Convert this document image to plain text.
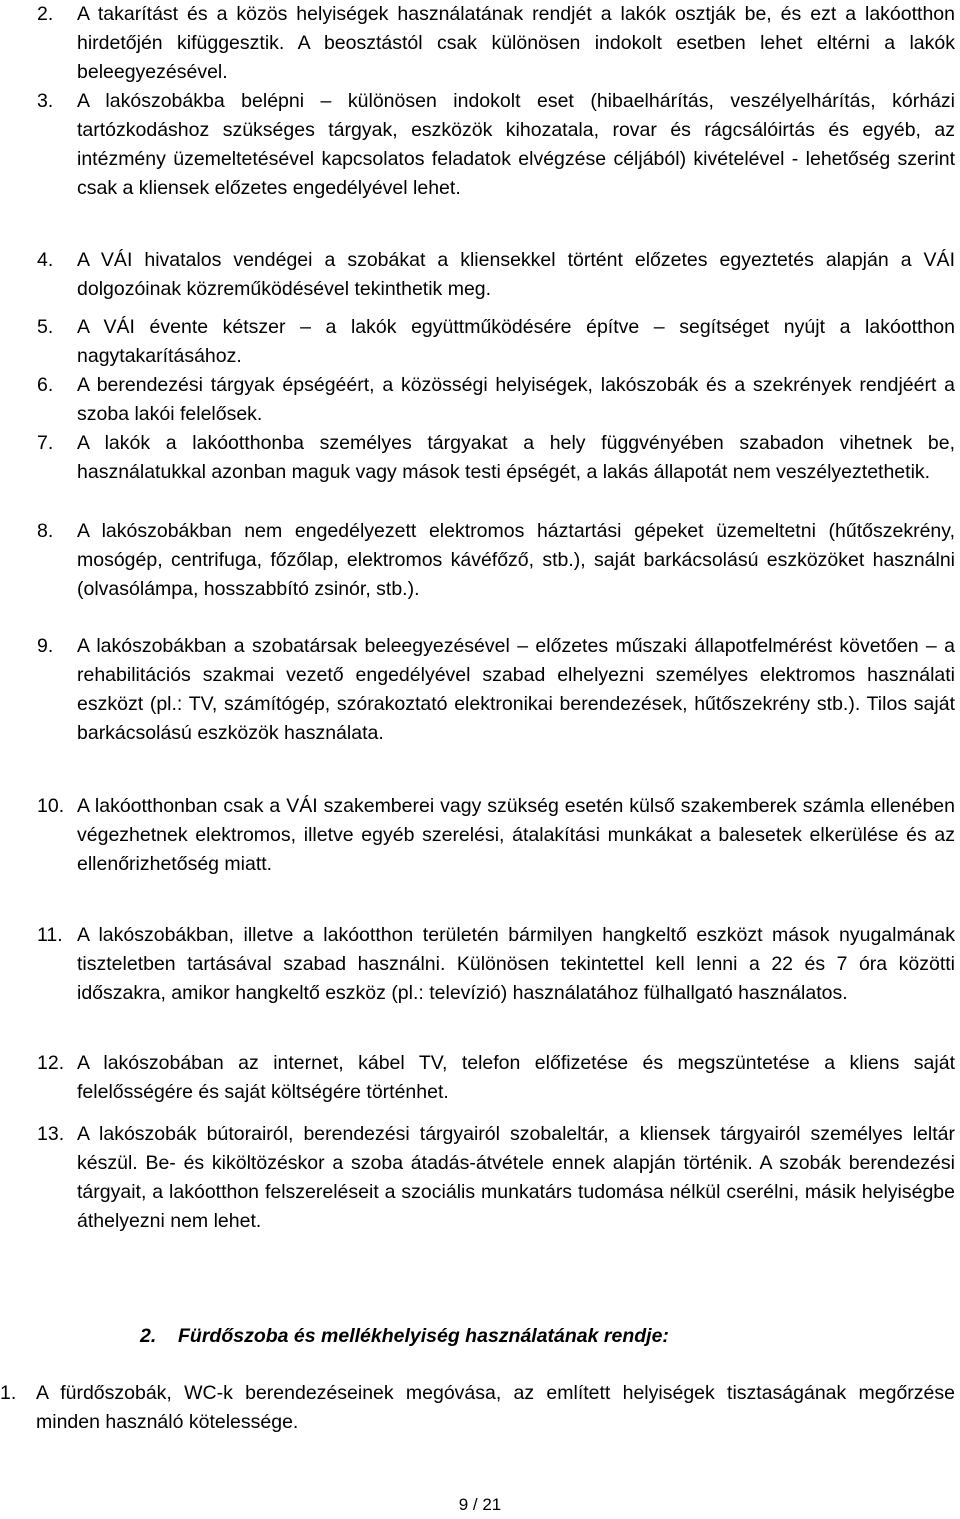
2.	A takarítást és a közös helyiségek használatának rendjét a lakók osztják be, és ezt a lakóotthon hirdetőjén kifüggesztik. A beosztástól csak különösen indokolt esetben lehet eltérni a lakók beleegyezésével.
3.	A lakószobákba belépni – különösen indokolt eset (hibaelhárítás, veszélyelhárítás, kórházi tartózkodáshoz szükséges tárgyak, eszközök kihozatala, rovar és rágcsálóirtás és egyéb, az intézmény üzemeltetésével kapcsolatos feladatok elvégzése céljából) kivételével - lehetőség szerint csak a kliensek előzetes engedélyével lehet.
4.	A VÁI hivatalos vendégei a szobákat a kliensekkel történt előzetes egyeztetés alapján a VÁI dolgozóinak közreműködésével tekinthetik meg.
5.	A VÁI évente kétszer – a lakók együttműködésére építve – segítséget nyújt a lakóotthon nagytakarításához.
6.	A berendezési tárgyak épségéért, a közösségi helyiségek, lakószobák és a szekrények rendjéért a szoba lakói felelősek.
7.	A lakók a lakóotthonba személyes tárgyakat a hely függvényében szabadon vihetnek be, használatukkal azonban maguk vagy mások testi épségét, a lakás állapotát nem veszélyeztethetik.
8.	A lakószobákban nem engedélyezett elektromos háztartási gépeket üzemeltetni (hűtőszekrény, mosógép, centrifuga, főzőlap, elektromos kávéfőző, stb.), saját barkácsolású eszközöket használni (olvasólámpa, hosszabbító zsinór, stb.).
9.	A lakószobákban a szobatársak beleegyezésével – előzetes műszaki állapotfelmérést követően – a rehabilitációs szakmai vezető engedélyével szabad elhelyezni személyes elektromos használati eszközt (pl.: TV, számítógép, szórakoztató elektronikai berendezések, hűtőszekrény stb.). Tilos saját barkácsolású eszközök használata.
10. A lakóotthonban csak a VÁI szakemberei vagy szükség esetén külső szakemberek számla ellenében végezhetnek elektromos, illetve egyéb szerelési, átalakítási munkákat a balesetek elkerülése és az ellenőrizhetőség miatt.
11. A lakószobákban, illetve a lakóotthon területén bármilyen hangkeltő eszközt mások nyugalmának tiszteletben tartásával szabad használni. Különösen tekintettel kell lenni a 22 és 7 óra közötti időszakra, amikor hangkeltő eszköz (pl.: televízió) használatához fülhallgató használatos.
12. A lakószobában az internet, kábel TV, telefon előfizetése és megszüntetése a kliens saját felelősségére és saját költségére történhet.
13. A lakószobák bútorairól, berendezési tárgyairól szobaleltár, a kliensek tárgyairól személyes leltár készül. Be- és kiköltözéskor a szoba átadás-átvétele ennek alapján történik. A szobák berendezési tárgyait, a lakóotthon felszereléseit a szociális munkatárs tudomása nélkül cserélni, másik helyiségbe áthelyezni nem lehet.
2. Fürdőszoba és mellékhelyiség használatának rendje:
1.	A fürdőszobák, WC-k berendezéseinek megóvása, az említett helyiségek tisztaságának megőrzése minden használó kötelessége.
9 / 21
